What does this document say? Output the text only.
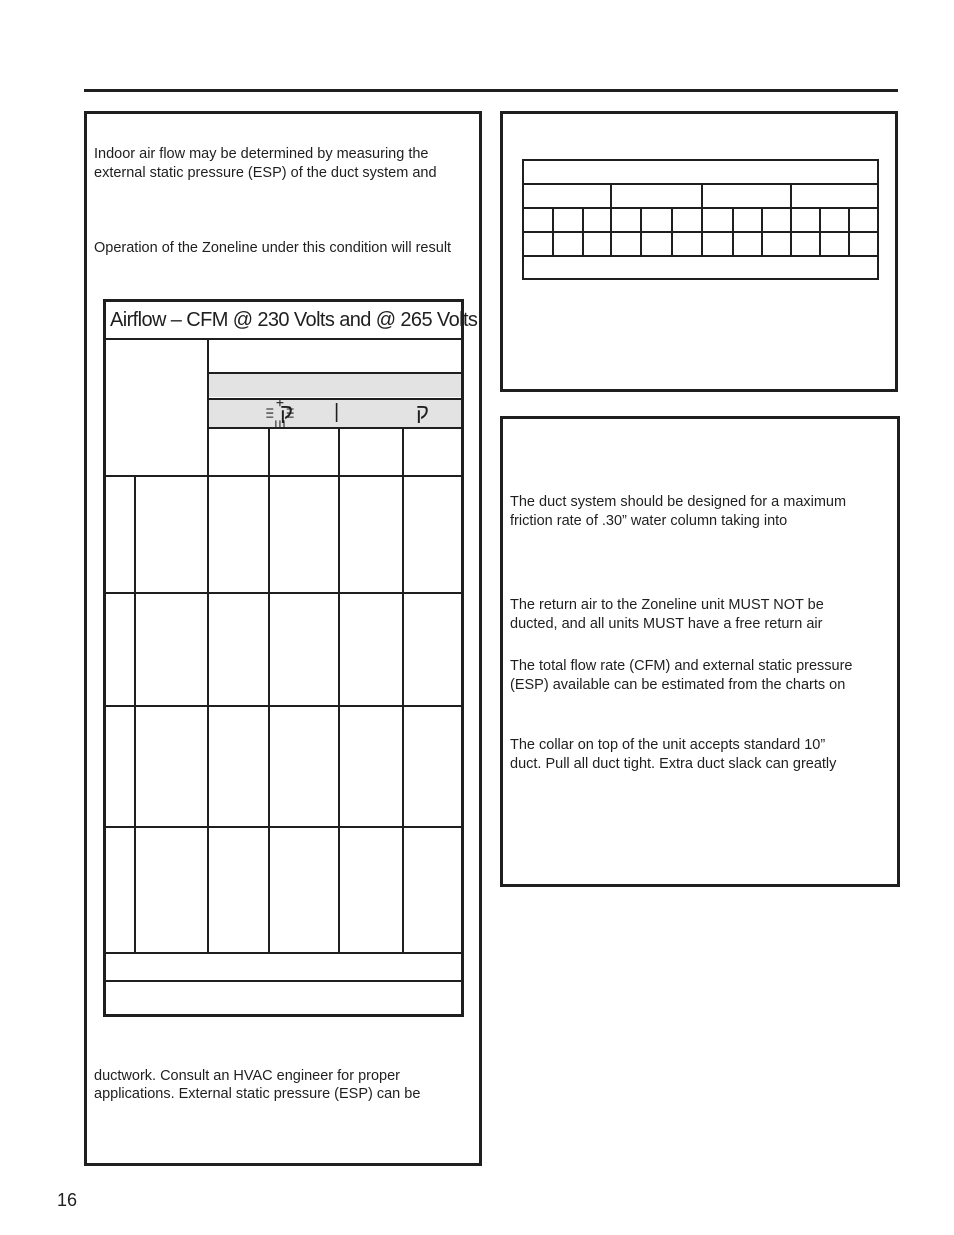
Indoor air flow may be determined by measuring the
external static pressure (ESP) of the duct system and
Operation of the Zoneline under this condition will result
Airflow – CFM @ 230 Volts and @ 265 Volts
ק꙲ |	ק
ductwork. Consult an HVAC engineer for proper
applications. External static pressure (ESP) can be
The duct system should be designed for a maximum
friction rate of .30” water column taking into
The return air to the Zoneline unit MUST NOT be
ducted, and all units MUST have a free return air
The total flow rate (CFM) and external static pressure
(ESP) available can be estimated from the charts on
The collar on top of the unit accepts standard 10”
duct. Pull all duct tight. Extra duct slack can greatly
16
